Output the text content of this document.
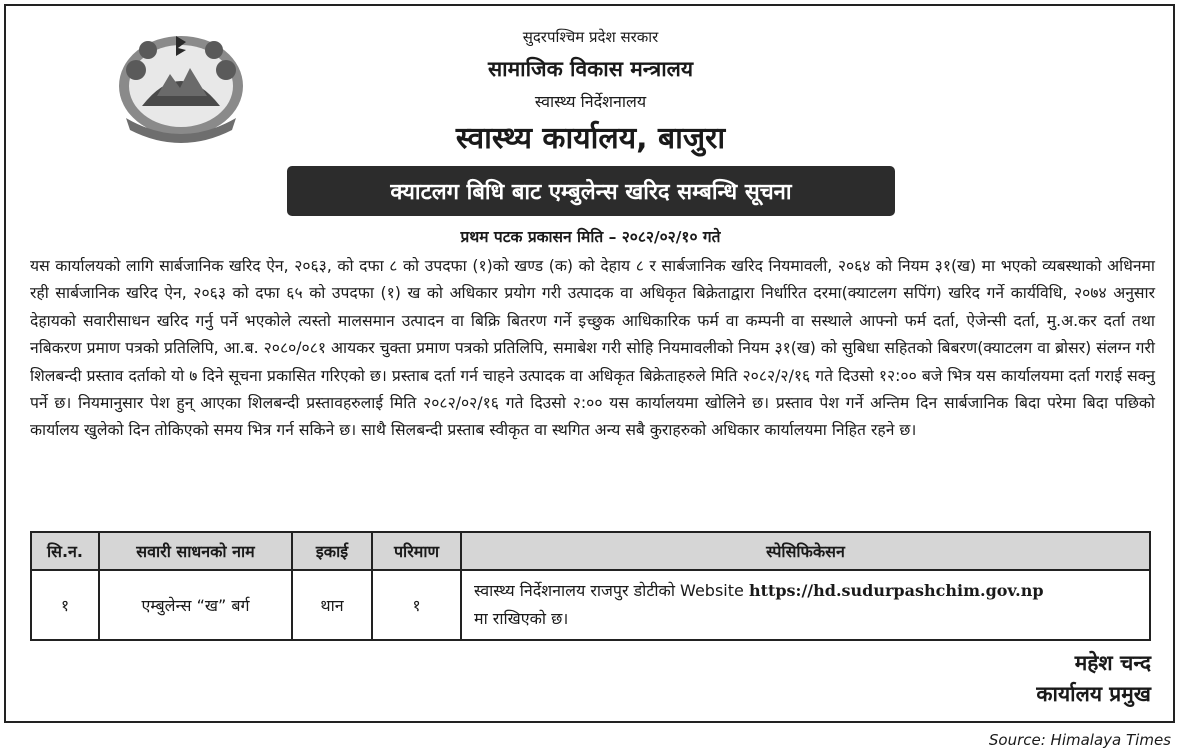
सुदरपश्चिम प्रदेश सरकार
सामाजिक विकास मन्त्रालय
स्वास्थ्य निर्देशनालय
स्वास्थ्य कार्यालय, बाजुरा
क्याटलग बिधि बाट एम्बुलेन्स खरिद सम्बन्धि सूचना
प्रथम पटक प्रकासन मिति – २०८२/०२/१० गते
यस कार्यालयको लागि सार्बजानिक खरिद ऐन, २०६३, को दफा ८ को उपदफा (१)को खण्ड (क) को देहाय ८ र सार्बजानिक खरिद नियमावली, २०६४ को नियम ३१(ख) मा भएको व्यबस्थाको अधिनमा रही सार्बजानिक खरिद ऐन, २०६३ को दफा ६५ को उपदफा (१) ख को अधिकार प्रयोग गरी उत्पादक वा अधिकृत बिक्रेताद्वारा निर्धारित दरमा(क्याटलग सपिंग) खरिद गर्ने कार्यविधि, २०७४ अनुसार देहायको सवारीसाधन खरिद गर्नु पर्ने भएकोले त्यस्तो मालसमान उत्पादन वा बिक्रि बितरण गर्ने इच्छुक आधिकारिक फर्म वा कम्पनी वा सस्थाले आफ्नो फर्म दर्ता, ऐजेन्सी दर्ता, मु.अ.कर दर्ता तथा नबिकरण प्रमाण पत्रको प्रतिलिपि, आ.ब. २०८०/०८१ आयकर चुक्ता प्रमाण पत्रको प्रतिलिपि, समाबेश गरी सोहि नियमावलीको नियम ३१(ख) को सुबिधा सहितको बिबरण(क्याटलग वा ब्रोसर) संलग्न गरी शिलबन्दी प्रस्ताव दर्ताको यो ७ दिने सूचना प्रकासित गरिएको छ। प्रस्ताब दर्ता गर्न चाहने उत्पादक वा अधिकृत बिक्रेताहरुले मिति २०८२/२/१६ गते दिउसो १२:०० बजे भित्र यस कार्यालयमा दर्ता गराई सक्नु पर्ने छ। नियमानुसार पेश हुन् आएका शिलबन्दी प्रस्तावहरुलाई मिति २०८२/०२/१६ गते दिउसो २:०० यस कार्यालयमा खोलिने छ। प्रस्ताव पेश गर्ने अन्तिम दिन सार्बजानिक बिदा परेमा बिदा पछिको कार्यालय खुलेको दिन तोकिएको समय भित्र गर्न सकिने छ। साथै सिलबन्दी प्रस्ताब स्वीकृत वा स्थगित अन्य सबै कुराहरुको अधिकार कार्यालयमा निहित रहने छ।
सि.न.	सवारी साधनको नाम	इकाई	परिमाण	स्पेसिफिकेसन
१	एम्बुलेन्स “ख” बर्ग	थान	१	स्वास्थ्य निर्देशनालय राजपुर डोटीको Website https://hd.sudurpashchim.gov.np
मा राखिएको छ।
महेश चन्द
कार्यालय प्रमुख
Source: Himalaya Times
